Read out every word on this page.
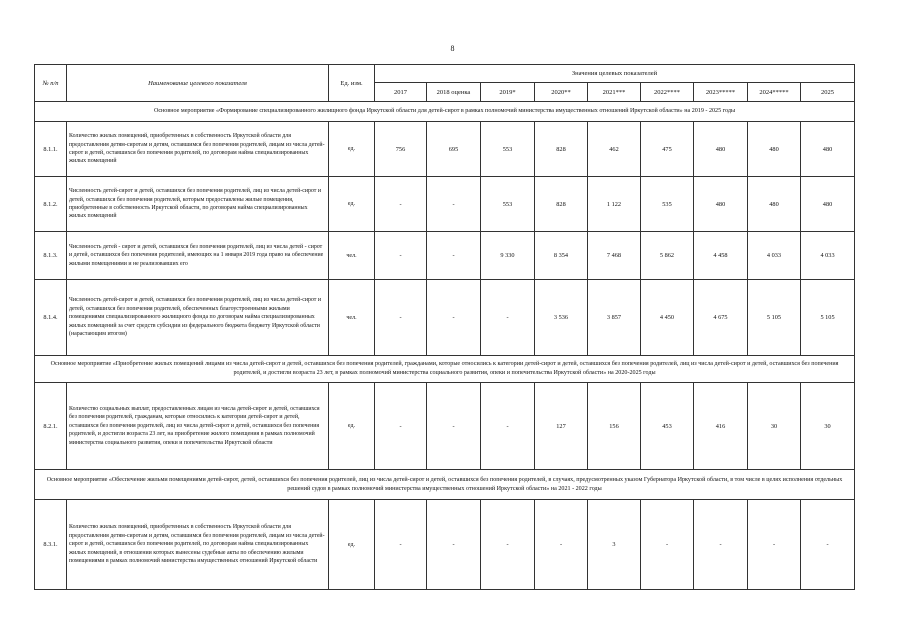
8
№ п/п	Наименование целевого показателя	Ед. изм.	Значения целевых показателей								
			2017	2018 оценка	2019*	2020**	2021***	2022****	2023*****	2024*****	2025
Основное мероприятие «Формирование специализированного жилищного фонда Иркутской области для детей-сирот в рамках полномочий министерства имущественных отношений Иркутской области» на 2019 - 2025 годы											
8.1.1.	Количество жилых помещений, приобретенных в собственность Иркутской области для предоставления детям-сиротам и детям, оставшимся без попечения родителей, лицам из числа детей-сирот и детей, оставшихся без попечения родителей, по договорам найма специализированных жилых помещений	ед.	756	695	553	828	462	475	480	480	480
8.1.2.	Численность детей-сирот и детей, оставшихся без попечения родителей, лиц из числа детей-сирот и детей, оставшихся без попечения родителей, которым предоставлены жилые помещения, приобретенные в собственность Иркутской области, по договорам найма специализированных жилых помещений	ед.	-	-	553	828	1 122	535	480	480	480
8.1.3.	Численность детей - сирот и детей, оставшихся без попечения родителей, лиц из числа детей - сирот и детей, оставшихся без попечения родителей, имеющих на 1 января 2019 года право на обеспечение жилыми помещениями и не реализовавших его	чел.	-	-	9 330	8 354	7 468	5 862	4 458	4 033	4 033
8.1.4.	Численность детей-сирот и детей, оставшихся без попечения родителей, лиц из числа детей-сирот и детей, оставшихся без попечения родителей, обеспеченных благоустроенными жилыми помещениями специализированного жилищного фонда по договорам найма специализированных жилых помещений за счет средств субсидии из федерального бюджета бюджету Иркутской области (нарастающим итогом)	чел.	-	-	-	3 536	3 857	4 450	4 675	5 105	5 105
Основное мероприятие «Приобретение жилых помещений лицами из числа детей-сирот и детей, оставшихся без попечения родителей, гражданами, которые относились к категории детей-сирот и детей, оставшихся без попечения родителей, лиц из числа детей-сирот и детей, оставшихся без попечения родителей, и достигли возраста 23 лет, в рамках полномочий министерства социального развития, опеки и попечительства Иркутской области» на 2020-2025 годы											
8.2.1.	Количество социальных выплат, предоставленных лицам из числа детей-сирот и детей, оставшихся без попечения родителей, гражданам, которые относились к категории детей-сирот и детей, оставшихся без попечения родителей, лиц из числа детей-сирот и детей, оставшихся без попечения родителей, и достигли возраста 23 лет, на приобретение жилого помещения в рамках полномочий министерства социального развития, опеки и попечительства Иркутской области	ед.	-	-	-	127	156	453	416	30	30
Основное мероприятие «Обеспечение жильми помещениями детей-сирот, детей, оставшихся без попечения родителей, лиц из числа детей-сирот и детей, оставшихся без попечения родителей, в случаях, предусмотренных указом Губернатора Иркутской области, в том числе в целях исполнения отдельных решений судов в рамках полномочий министерства имущественных отношений Иркутской области» на 2021 - 2022 годы											
8.3.1.	Количество жилых помещений, приобретенных в собственность Иркутской области для предоставления детям-сиротам и детям, оставшимся без попечения родителей, лицам из числа детей-сирот и детей, оставшихся без попечения родителей, по договорам найма специализированных жилых помещений, в отношении которых вынесены судебные акты по обеспечению жилыми помещениями в рамках полномочий министерства имущественных отношений Иркутской области	ед.	-	-	-	-	3	-	-	-	-
